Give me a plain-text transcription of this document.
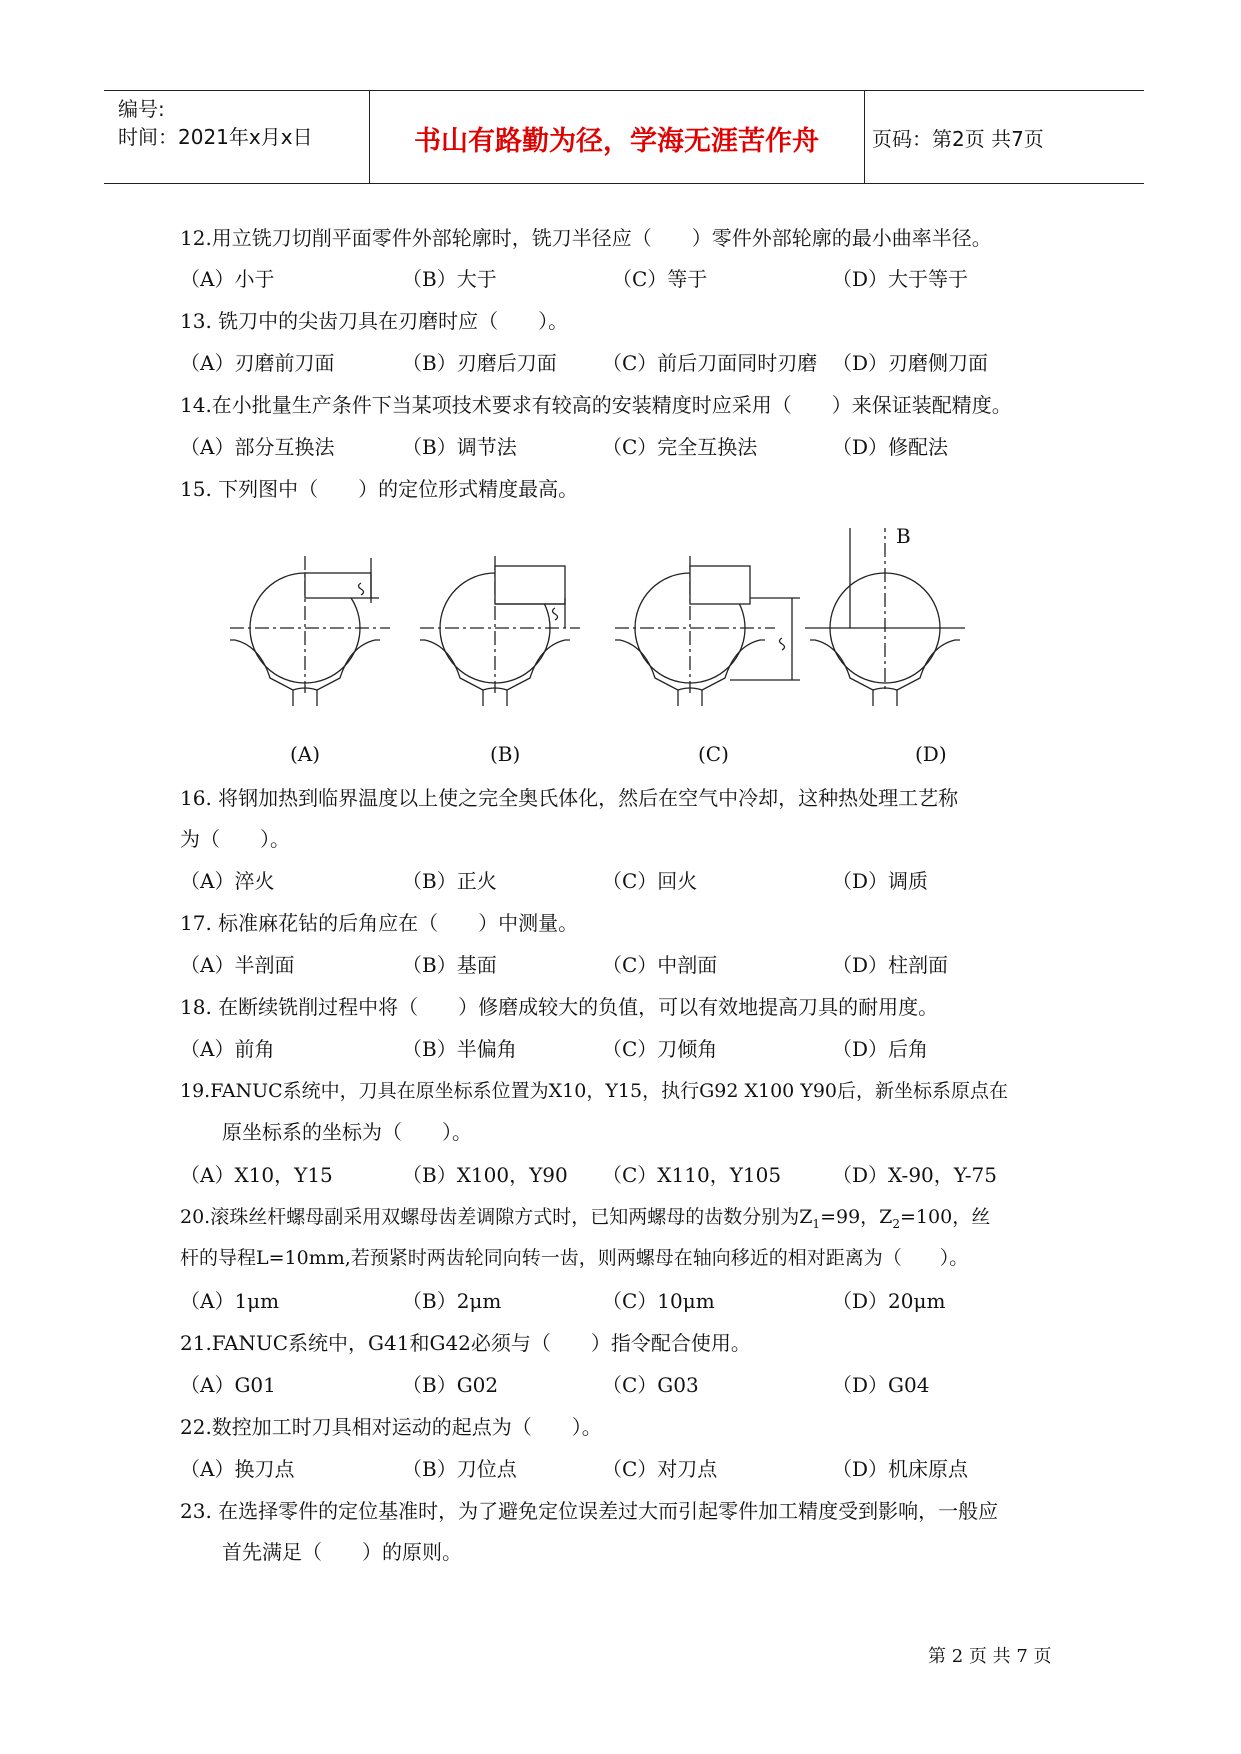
编号:
时间：2021年x月x日	书山有路勤为径，学海无涯苦作舟	页码：第2页 共7页
12.用立铣刀切削平面零件外部轮廓时，铣刀半径应（　　）零件外部轮廓的最小曲率半径。
（A）小于	（B）大于	（C）等于	（D）大于等于
13. 铣刀中的尖齿刀具在刃磨时应（　　）。
（A）刃磨前刀面	（B）刃磨后刀面 （C）前后刀面同时刃磨 （D）刃磨侧刀面
14.在小批量生产条件下当某项技术要求有较高的安装精度时应采用（　　）来保证装配精度。
（A）部分互换法	（B）调节法	（C）完全互换法	（D）修配法
15. 下列图中（　　）的定位形式精度最高。
B
(A)	(B)	(C)	(D)
16. 将钢加热到临界温度以上使之完全奥氏体化，然后在空气中冷却，这种热处理工艺称
为（　　）。
（A）淬火	（B）正火	（C）回火	（D）调质
17. 标准麻花钻的后角应在（　　）中测量。
（A）半剖面	（B）基面	（C）中剖面	（D）柱剖面
18. 在断续铣削过程中将（　　）修磨成较大的负值，可以有效地提高刀具的耐用度。
（A）前角	（B）半偏角	（C）刀倾角	（D）后角
19.FANUC系统中，刀具在原坐标系位置为X10，Y15，执行G92 X100 Y90后，新坐标系原点在
原坐标系的坐标为（　　）。
（A）X10，Y15	（B）X100，Y90 （C）X110，Y105	（D）X-90，Y-75
20.滚珠丝杆螺母副采用双螺母齿差调隙方式时，已知两螺母的齿数分别为$Z_1=99$，$Z_2=100$，丝
杆的导程L=10mm,若预紧时两齿轮同向转一齿，则两螺母在轴向移近的相对距离为（　　）。
（A）1μm	（B）2μm	（C）10μm	（D）20μm
21.FANUC系统中，G41和G42必须与（　　）指令配合使用。
（A）G01	（B）G02	（C）G03	（D）G04
22.数控加工时刀具相对运动的起点为（　　）。
（A）换刀点	（B）刀位点	（C）对刀点	（D）机床原点
23. 在选择零件的定位基准时，为了避免定位误差过大而引起零件加工精度受到影响，一般应
首先满足（　　）的原则。
第 2 页 共 7 页
